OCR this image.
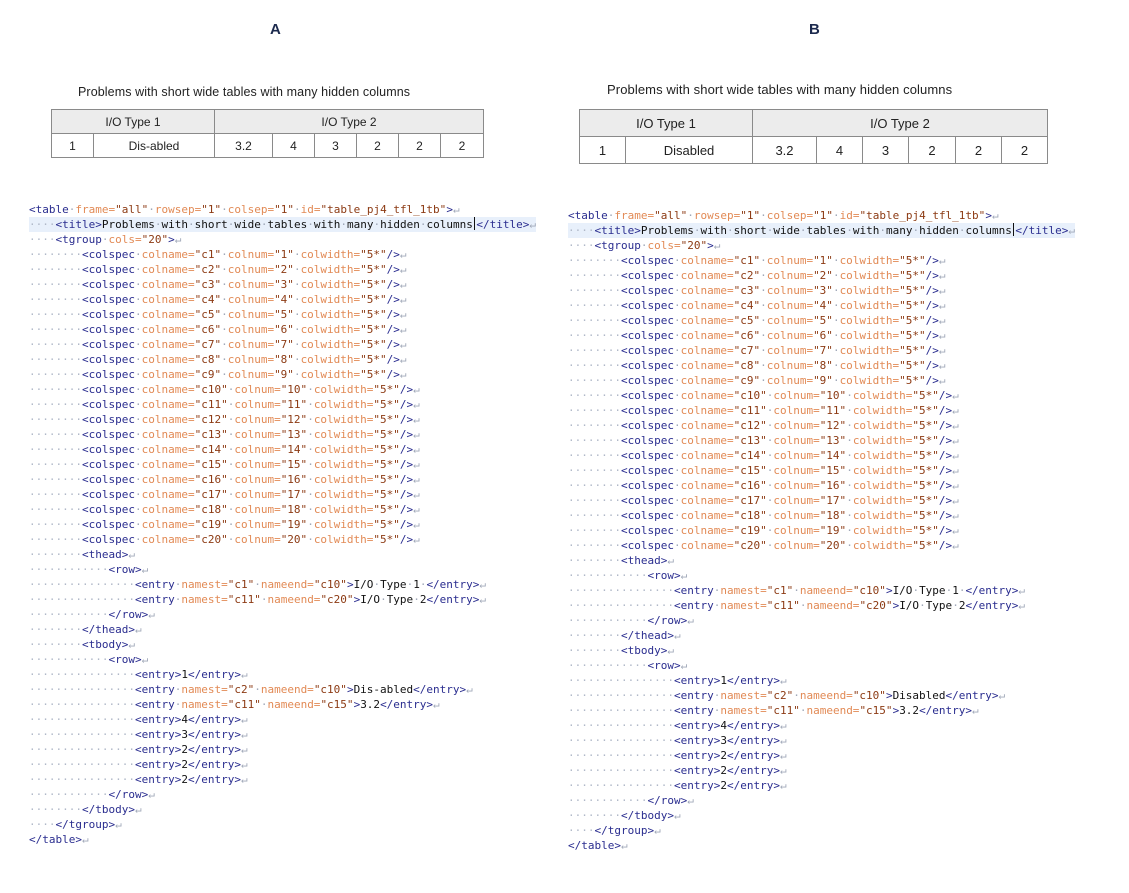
A
Problems with short wide tables with many hidden columns
I/O Type 1		I/O Type 2					
1	Dis-abled	3.2	4	3	2	2	2
<table·frame="all"·rowsep="1"·colsep="1"·id="table_pj4_tfl_1tb">↵
····<title>Problems·with·short·wide·tables·with·many·hidden·columns </title>↵
····<tgroup·cols="20">↵
········<colspec·colname="c1"·colnum="1"·colwidth="5*"/>↵
········<colspec·colname="c2"·colnum="2"·colwidth="5*"/>↵
········<colspec·colname="c3"·colnum="3"·colwidth="5*"/>↵
········<colspec·colname="c4"·colnum="4"·colwidth="5*"/>↵
········<colspec·colname="c5"·colnum="5"·colwidth="5*"/>↵
········<colspec·colname="c6"·colnum="6"·colwidth="5*"/>↵
········<colspec·colname="c7"·colnum="7"·colwidth="5*"/>↵
········<colspec·colname="c8"·colnum="8"·colwidth="5*"/>↵
········<colspec·colname="c9"·colnum="9"·colwidth="5*"/>↵
········<colspec·colname="c10"·colnum="10"·colwidth="5*"/>↵
········<colspec·colname="c11"·colnum="11"·colwidth="5*"/>↵
········<colspec·colname="c12"·colnum="12"·colwidth="5*"/>↵
········<colspec·colname="c13"·colnum="13"·colwidth="5*"/>↵
········<colspec·colname="c14"·colnum="14"·colwidth="5*"/>↵
········<colspec·colname="c15"·colnum="15"·colwidth="5*"/>↵
········<colspec·colname="c16"·colnum="16"·colwidth="5*"/>↵
········<colspec·colname="c17"·colnum="17"·colwidth="5*"/>↵
········<colspec·colname="c18"·colnum="18"·colwidth="5*"/>↵
········<colspec·colname="c19"·colnum="19"·colwidth="5*"/>↵
········<colspec·colname="c20"·colnum="20"·colwidth="5*"/>↵
········<thead>↵
············<row>↵
················<entry·namest="c1"·nameend="c10">I/O·Type·1·</entry>↵
················<entry·namest="c11"·nameend="c20">I/O·Type·2</entry>↵
············</row>↵
········</thead>↵
········<tbody>↵
············<row>↵
················<entry>1</entry>↵
················<entry·namest="c2"·nameend="c10">Dis-abled</entry>↵
················<entry·namest="c11"·nameend="c15">3.2</entry>↵
················<entry>4</entry>↵
················<entry>3</entry>↵
················<entry>2</entry>↵
················<entry>2</entry>↵
················<entry>2</entry>↵
············</row>↵
········</tbody>↵
····</tgroup>↵
</table>↵
B
Problems with short wide tables with many hidden columns
I/O Type 1		I/O Type 2					
1	Disabled	3.2	4	3	2	2	2
<table·frame="all"·rowsep="1"·colsep="1"·id="table_pj4_tfl_1tb">↵
····<title>Problems·with·short·wide·tables·with·many·hidden·columns </title>↵
····<tgroup·cols="20">↵
········<colspec·colname="c1"·colnum="1"·colwidth="5*"/>↵
········<colspec·colname="c2"·colnum="2"·colwidth="5*"/>↵
········<colspec·colname="c3"·colnum="3"·colwidth="5*"/>↵
········<colspec·colname="c4"·colnum="4"·colwidth="5*"/>↵
········<colspec·colname="c5"·colnum="5"·colwidth="5*"/>↵
········<colspec·colname="c6"·colnum="6"·colwidth="5*"/>↵
········<colspec·colname="c7"·colnum="7"·colwidth="5*"/>↵
········<colspec·colname="c8"·colnum="8"·colwidth="5*"/>↵
········<colspec·colname="c9"·colnum="9"·colwidth="5*"/>↵
········<colspec·colname="c10"·colnum="10"·colwidth="5*"/>↵
········<colspec·colname="c11"·colnum="11"·colwidth="5*"/>↵
········<colspec·colname="c12"·colnum="12"·colwidth="5*"/>↵
········<colspec·colname="c13"·colnum="13"·colwidth="5*"/>↵
········<colspec·colname="c14"·colnum="14"·colwidth="5*"/>↵
········<colspec·colname="c15"·colnum="15"·colwidth="5*"/>↵
········<colspec·colname="c16"·colnum="16"·colwidth="5*"/>↵
········<colspec·colname="c17"·colnum="17"·colwidth="5*"/>↵
········<colspec·colname="c18"·colnum="18"·colwidth="5*"/>↵
········<colspec·colname="c19"·colnum="19"·colwidth="5*"/>↵
········<colspec·colname="c20"·colnum="20"·colwidth="5*"/>↵
········<thead>↵
············<row>↵
················<entry·namest="c1"·nameend="c10">I/O·Type·1·</entry>↵
················<entry·namest="c11"·nameend="c20">I/O·Type·2</entry>↵
············</row>↵
········</thead>↵
········<tbody>↵
············<row>↵
················<entry>1</entry>↵
················<entry·namest="c2"·nameend="c10">Disabled</entry>↵
················<entry·namest="c11"·nameend="c15">3.2</entry>↵
················<entry>4</entry>↵
················<entry>3</entry>↵
················<entry>2</entry>↵
················<entry>2</entry>↵
················<entry>2</entry>↵
············</row>↵
········</tbody>↵
····</tgroup>↵
</table>↵
